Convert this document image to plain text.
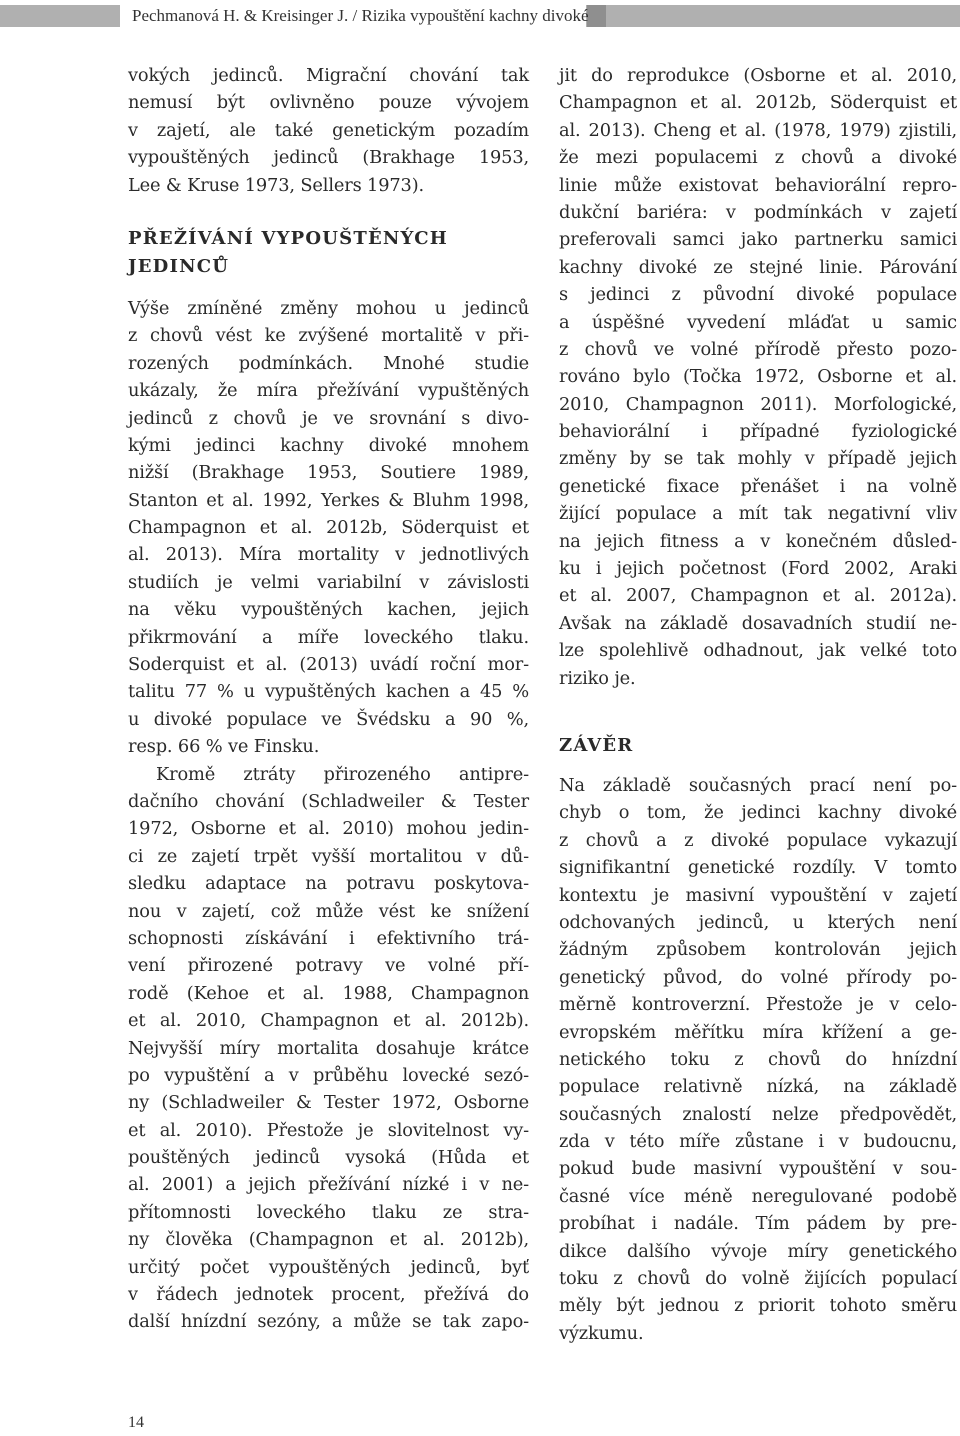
Pechmanová H. & Kreisinger J. / Rizika vypouštění kachny divoké
vokých jedinců. Migrační chování tak
nemusí být ovlivněno pouze vývojem
v zajetí, ale také genetickým pozadím
vypouštěných jedinců (Brakhage 1953,
Lee & Kruse 1973, Sellers 1973).
PŘEŽÍVÁNÍ VYPOUŠTĚNÝCH
JEDINCŮ
Výše zmíněné změny mohou u jedinců
z chovů vést ke zvýšené mortalitě v při-
rozených podmínkách. Mnohé studie
ukázaly, že míra přežívání vypuštěných
jedinců z chovů je ve srovnání s divo-
kými jedinci kachny divoké mnohem
nižší (Brakhage 1953, Soutiere 1989,
Stanton et al. 1992, Yerkes & Bluhm 1998,
Champagnon et al. 2012b, Söderquist et
al. 2013). Míra mortality v jednotlivých
studiích je velmi variabilní v závislosti
na věku vypouštěných kachen, jejich
přikrmování a míře loveckého tlaku.
Soderquist et al. (2013) uvádí roční mor-
talitu 77 % u vypuštěných kachen a 45 %
u divoké populace ve Švédsku a 90 %,
resp. 66 % ve Finsku.
Kromě ztráty přirozeného antipre-
dačního chování (Schladweiler & Tester
1972, Osborne et al. 2010) mohou jedin-
ci ze zajetí trpět vyšší mortalitou v dů-
sledku adaptace na potravu poskytova-
nou v zajetí, což může vést ke snížení
schopnosti získávání i efektivního trá-
vení přirozené potravy ve volné pří-
rodě (Kehoe et al. 1988, Champagnon
et al. 2010, Champagnon et al. 2012b).
Nejvyšší míry mortalita dosahuje krátce
po vypuštění a v průběhu lovecké sezó-
ny (Schladweiler & Tester 1972, Osborne
et al. 2010). Přestože je slovitelnost vy-
pouštěných jedinců vysoká (Hůda et
al. 2001) a jejich přežívání nízké i v ne-
přítomnosti loveckého tlaku ze stra-
ny člověka (Champagnon et al. 2012b),
určitý počet vypouštěných jedinců, byť
v řádech jednotek procent, přežívá do
další hnízdní sezóny, a může se tak zapo-
jit do reprodukce (Osborne et al. 2010,
Champagnon et al. 2012b, Söderquist et
al. 2013). Cheng et al. (1978, 1979) zjistili,
že mezi populacemi z chovů a divoké
linie může existovat behaviorální repro-
dukční bariéra: v podmínkách v zajetí
preferovali samci jako partnerku samici
kachny divoké ze stejné linie. Párování
s jedinci z původní divoké populace
a úspěšné vyvedení mláďat u samic
z chovů ve volné přírodě přesto pozo-
rováno bylo (Točka 1972, Osborne et al.
2010, Champagnon 2011). Morfologické,
behaviorální i případné fyziologické
změny by se tak mohly v případě jejich
genetické fixace přenášet i na volně
žijící populace a mít tak negativní vliv
na jejich fitness a v konečném důsled-
ku i jejich početnost (Ford 2002, Araki
et al. 2007, Champagnon et al. 2012a).
Avšak na základě dosavadních studií ne-
lze spolehlivě odhadnout, jak velké toto
riziko je.
ZÁVĚR
Na základě současných prací není po-
chyb o tom, že jedinci kachny divoké
z chovů a z divoké populace vykazují
signifikantní genetické rozdíly. V tomto
kontextu je masivní vypouštění v zajetí
odchovaných jedinců, u kterých není
žádným způsobem kontrolován jejich
genetický původ, do volné přírody po-
měrně kontroverzní. Přestože je v celo-
evropském měřítku míra křížení a ge-
netického toku z chovů do hnízdní
populace relativně nízká, na základě
současných znalostí nelze předpovědět,
zda v této míře zůstane i v budoucnu,
pokud bude masivní vypouštění v sou-
časné více méně neregulované podobě
probíhat i nadále. Tím pádem by pre-
dikce dalšího vývoje míry genetického
toku z chovů do volně žijících populací
měly být jednou z priorit tohoto směru
výzkumu.
14
